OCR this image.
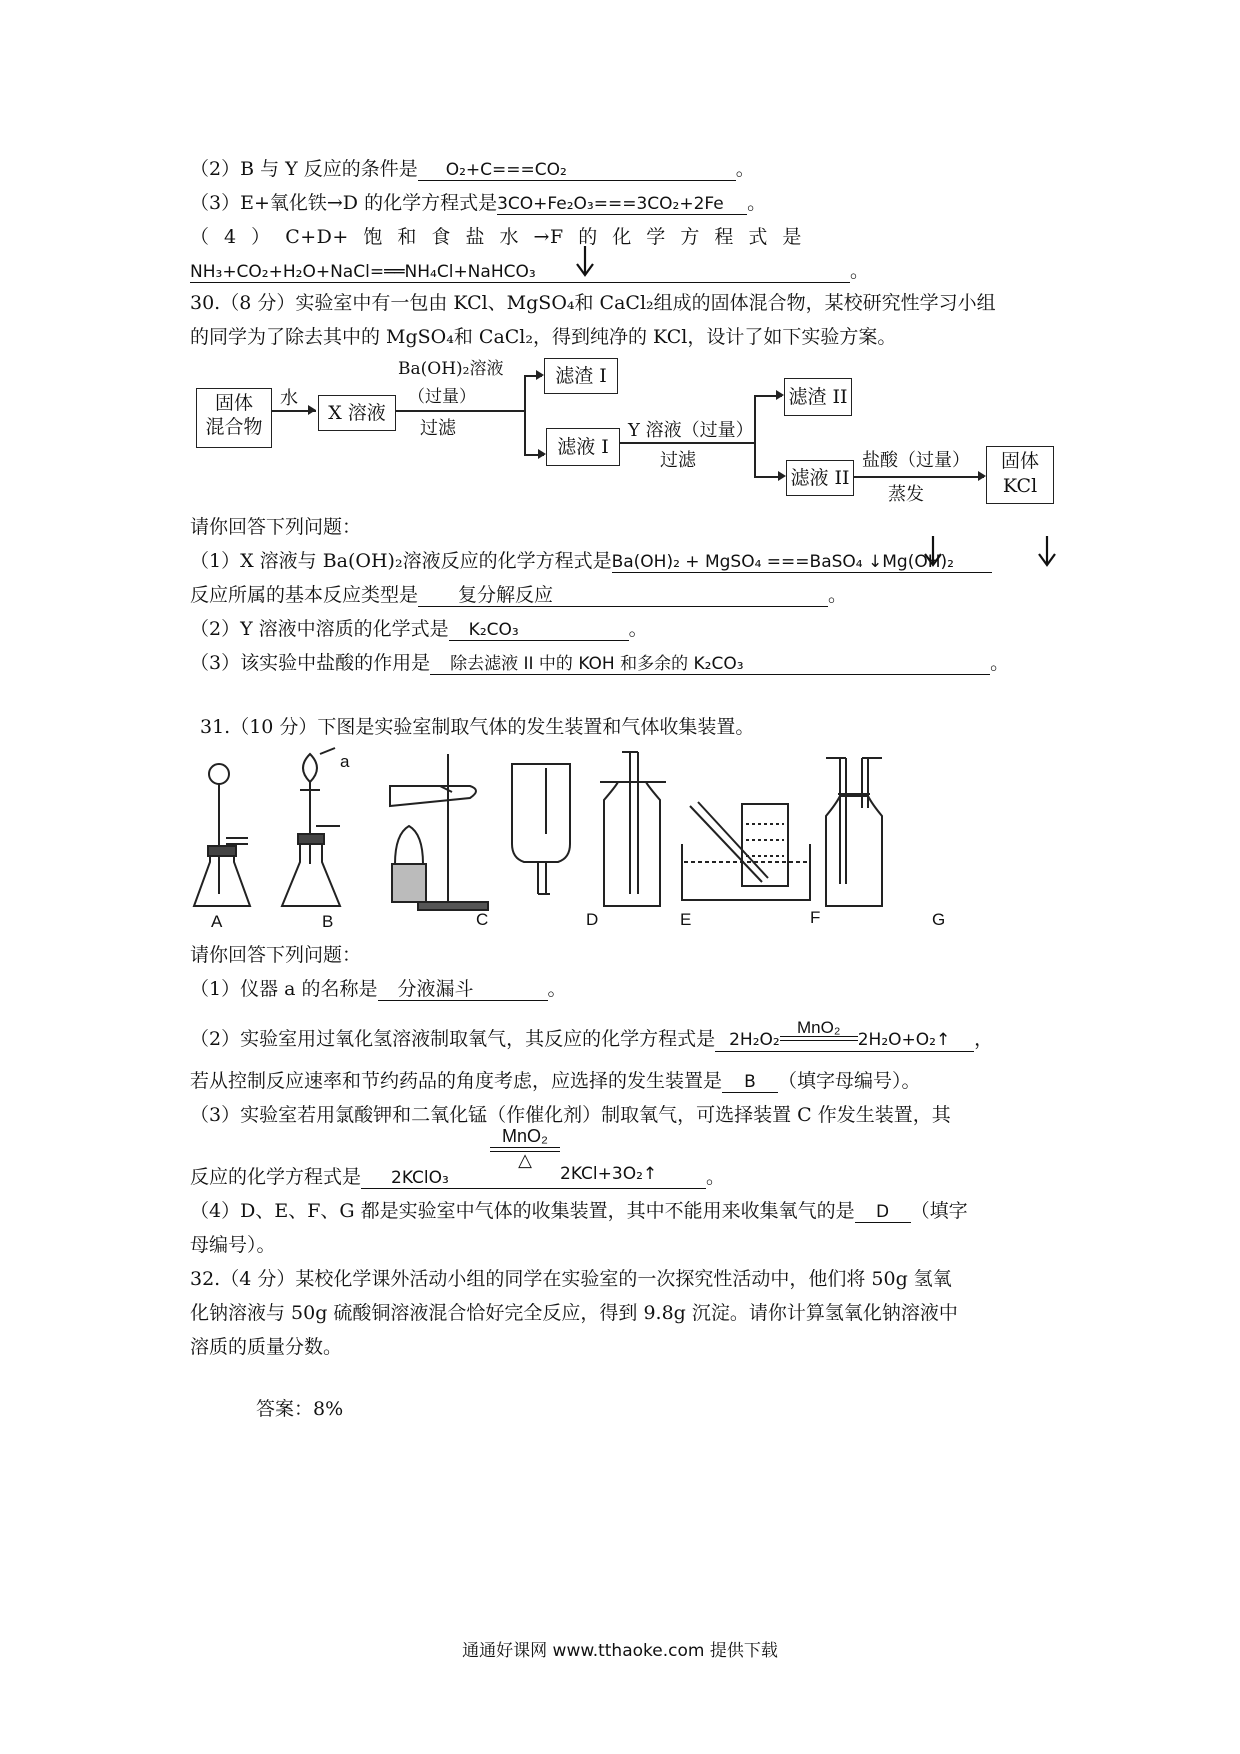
（2）B 与 Y 反应的条件是 O₂+C===CO₂	。
（3）E+氧化铁→D 的化学方程式是3CO+Fe₂O₃===3CO₂+2Fe 。
（ 4 ） C+D+ 饱 和 食 盐 水 →F 的 化 学 方 程 式 是
NH₃+CO₂+H₂O+NaCl=══NH₄Cl+NaHCO₃	。
30.（8 分）实验室中有一包由 KCl、MgSO₄和 CaCl₂组成的固体混合物，某校研究性学习小组
的同学为了除去其中的 MgSO₄和 CaCl₂，得到纯净的 KCl，设计了如下实验方案。
固体
混合物
水
X 溶液
Ba(OH)₂溶液
（过量）
过滤
滤渣 I
滤液 I
Y 溶液（过量）
过滤
滤渣 II
滤液 II
盐酸（过量）
蒸发
固体
KCl
请你回答下列问题：
（1）X 溶液与 Ba(OH)₂溶液反应的化学方程式是Ba(OH)₂ + MgSO₄ ===BaSO₄ ↓Mg(OH)₂
反应所属的基本反应类型是 复分解反应	。
（2）Y 溶液中溶质的化学式是 K₂CO₃	。
（3）该实验中盐酸的作用是 除去滤液 II 中的 KOH 和多余的 K₂CO₃	。
31.（10 分）下图是实验室制取气体的发生装置和气体收集装置。
a
A	B	C	D	E	F	G
请你回答下列问题：
（1）仪器 a 的名称是 分液漏斗	。
（2）实验室用过氧化氢溶液制取氧气，其反应的化学方程式是 2H₂O₂
MnO₂
2H₂O+O₂↑ ，
若从控制反应速率和节约药品的角度考虑，应选择的发生装置是 B （填字母编号）。
（3）实验室若用氯酸钾和二氧化锰（作催化剂）制取氧气，可选择装置 C 作发生装置，其
反应的化学方程式是 2KClO₃	。
MnO₂
△
2KCl+3O₂↑
（4）D、E、F、G 都是实验室中气体的收集装置，其中不能用来收集氧气的是 D （填字
母编号）。
32.（4 分）某校化学课外活动小组的同学在实验室的一次探究性活动中，他们将 50g 氢氧
化钠溶液与 50g 硫酸铜溶液混合恰好完全反应，得到 9.8g 沉淀。请你计算氢氧化钠溶液中
溶质的质量分数。
答案：8%
通通好课网 www.tthaoke.com 提供下载
